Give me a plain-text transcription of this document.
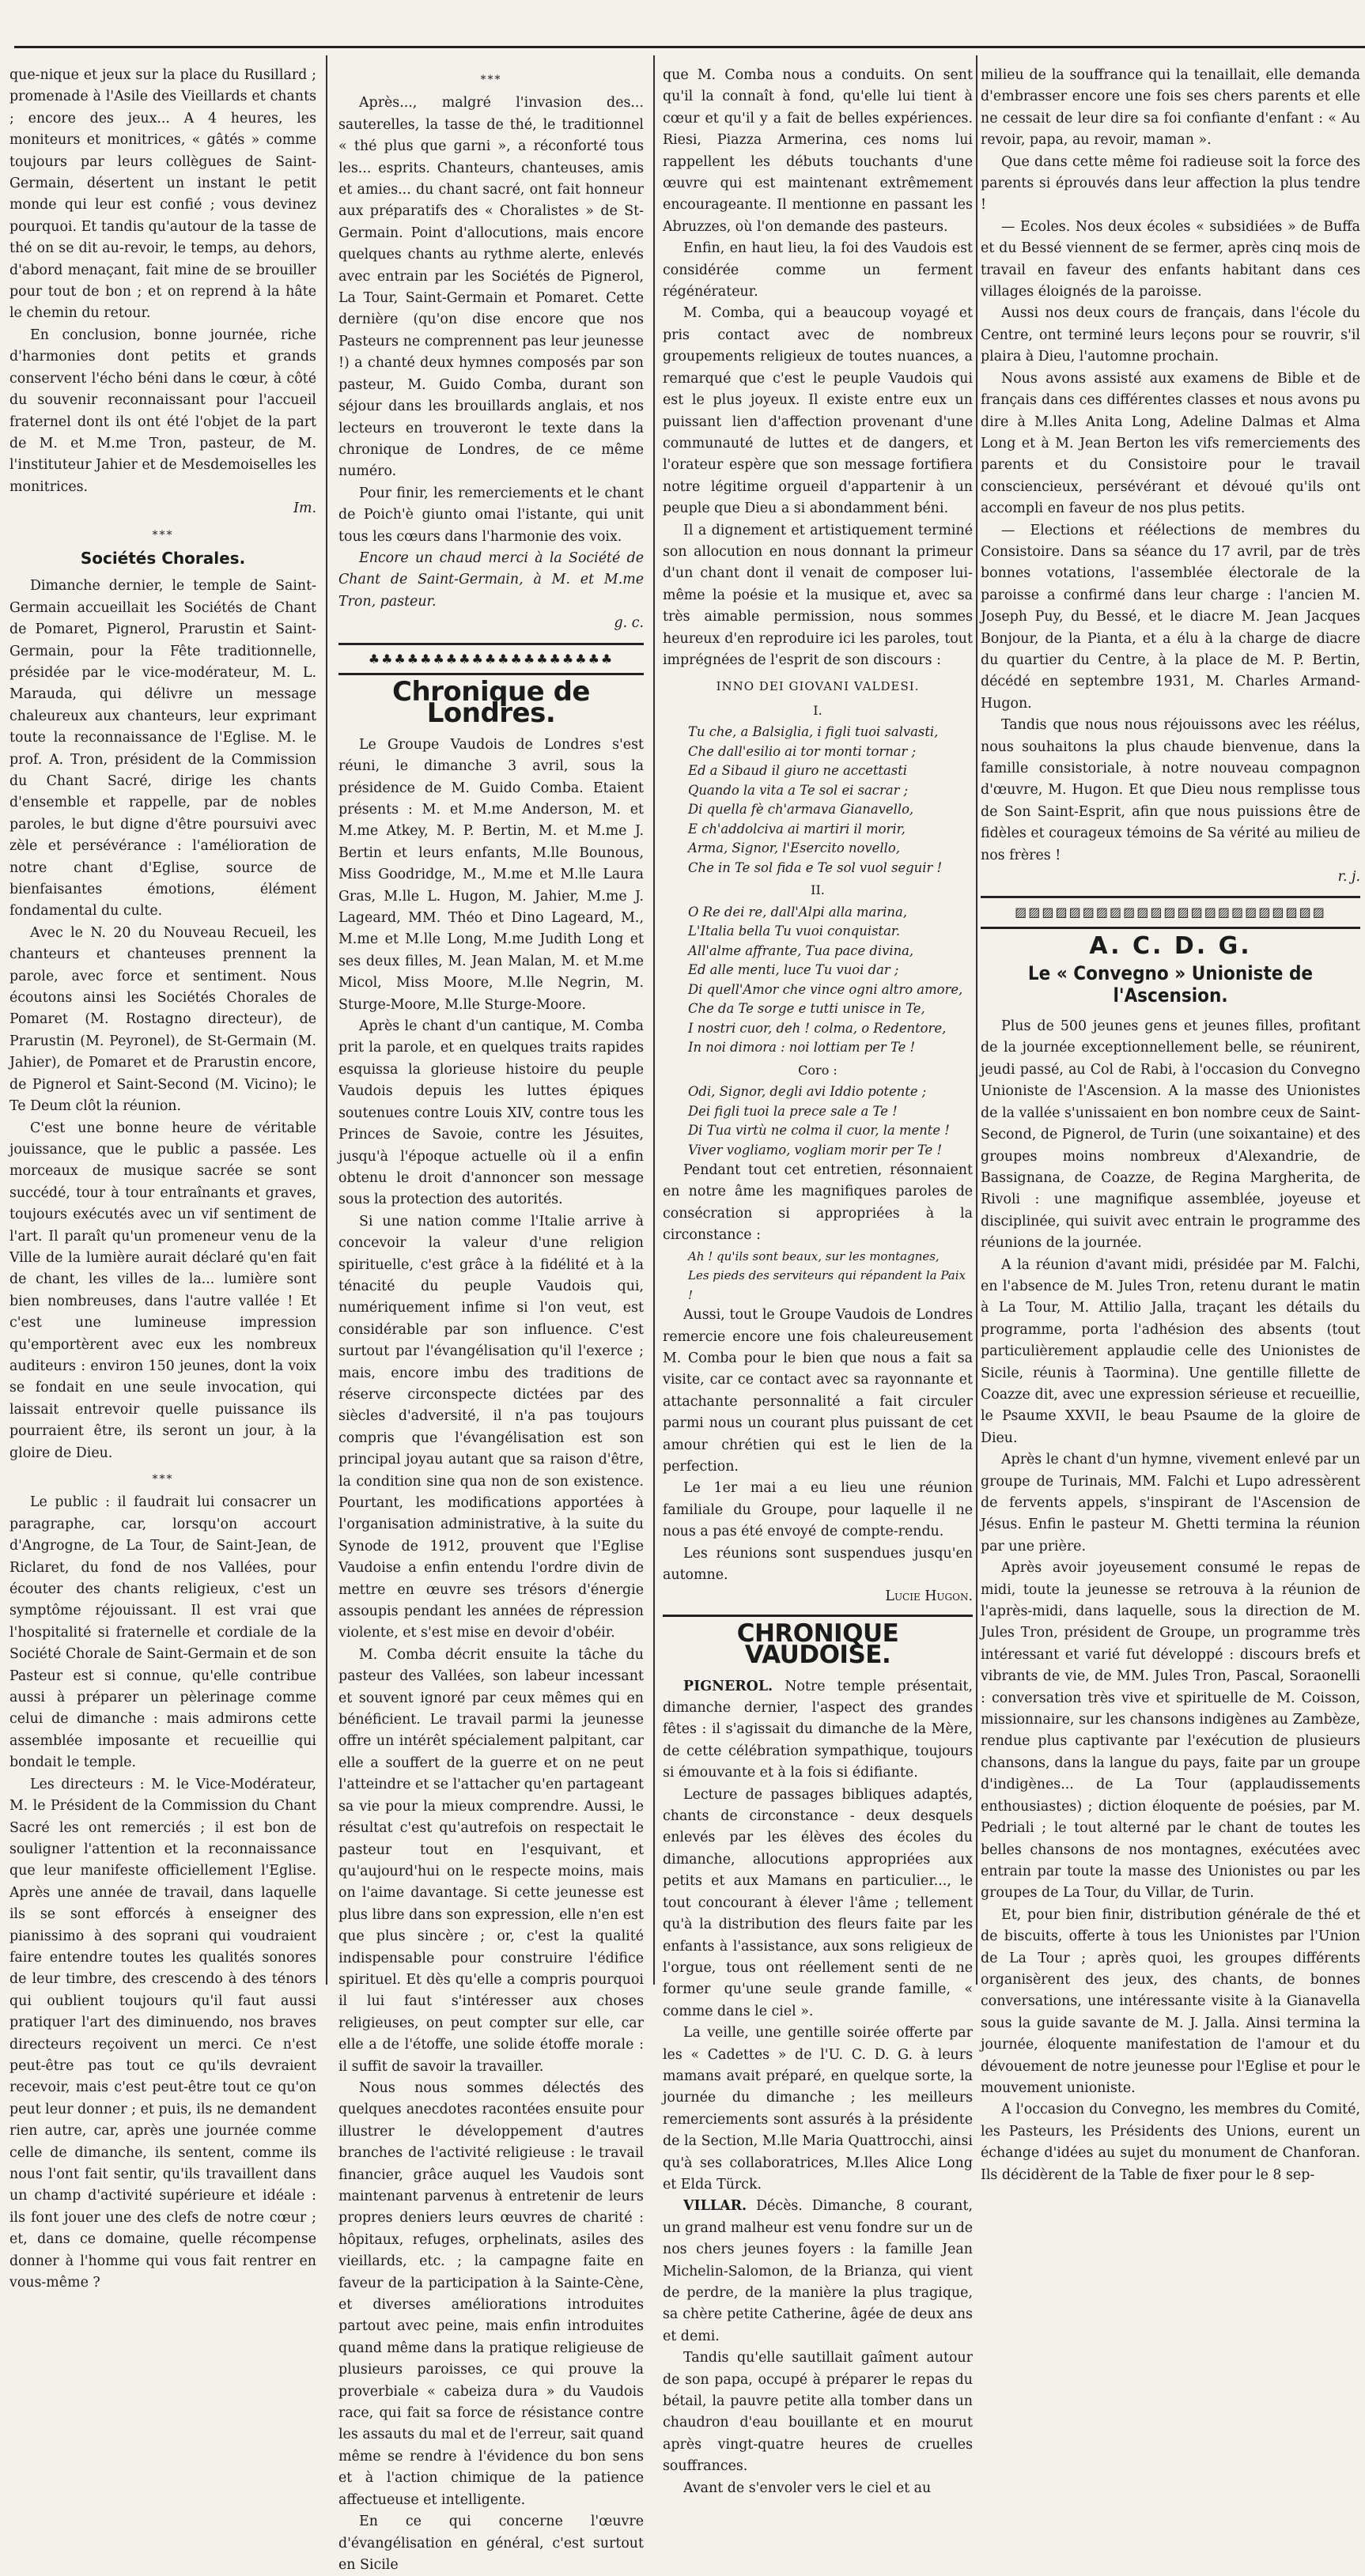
que-nique et jeux sur la place du Rusillard ; promenade à l'Asile des Vieillards et chants ; encore des jeux... A 4 heures, les moniteurs et monitrices, « gâtés » comme toujours par leurs collègues de Saint-Germain, désertent un instant le petit monde qui leur est confié ; vous devinez pourquoi. Et tandis qu'autour de la tasse de thé on se dit au-revoir, le temps, au dehors, d'abord menaçant, fait mine de se brouiller pour tout de bon ; et on reprend à la hâte le chemin du retour.

En conclusion, bonne journée, riche d'harmonies dont petits et grands conservent l'écho béni dans le cœur, à côté du souvenir reconnaissant pour l'accueil fraternel dont ils ont été l'objet de la part de M. et M.me Tron, pasteur, de M. l'instituteur Jahier et de Mesdemoiselles les monitrices.

Im.
***
Sociétés Chorales.

Dimanche dernier, le temple de Saint-Germain accueillait les Sociétés de Chant de Pomaret, Pignerol, Prarustin et Saint-Germain, pour la Fête traditionnelle, présidée par le vice-modérateur, M. L. Marauda, qui délivre un message chaleureux aux chanteurs, leur exprimant toute la reconnaissance de l'Eglise. M. le prof. A. Tron, président de la Commission du Chant Sacré, dirige les chants d'ensemble et rappelle, par de nobles paroles, le but digne d'être poursuivi avec zèle et persévérance : l'amélioration de notre chant d'Eglise, source de bienfaisantes émotions, élément fondamental du culte.

Avec le N. 20 du Nouveau Recueil, les chanteurs et chanteuses prennent la parole, avec force et sentiment. Nous écoutons ainsi les Sociétés Chorales de Pomaret (M. Rostagno directeur), de Prarustin (M. Peyronel), de St-Germain (M. Jahier), de Pomaret et de Prarustin encore, de Pignerol et Saint-Second (M. Vicino); le Te Deum clôt la réunion.

C'est une bonne heure de véritable jouissance, que le public a passée. Les morceaux de musique sacrée se sont succédé, tour à tour entraînants et graves, toujours exécutés avec un vif sentiment de l'art. Il paraît qu'un promeneur venu de la Ville de la lumière aurait déclaré qu'en fait de chant, les villes de la... lumière sont bien nombreuses, dans l'autre vallée ! Et c'est une lumineuse impression qu'emportèrent avec eux les nombreux auditeurs : environ 150 jeunes, dont la voix se fondait en une seule invocation, qui laissait entrevoir quelle puissance ils pourraient être, ils seront un jour, à la gloire de Dieu.

***

Le public : il faudrait lui consacrer un paragraphe, car, lorsqu'on accourt d'Angrogne, de La Tour, de Saint-Jean, de Riclaret, du fond de nos Vallées, pour écouter des chants religieux, c'est un symptôme réjouissant. Il est vrai que l'hospitalité si fraternelle et cordiale de la Société Chorale de Saint-Germain et de son Pasteur est si connue, qu'elle contribue aussi à préparer un pèlerinage comme celui de dimanche : mais admirons cette assemblée imposante et recueillie qui bondait le temple.

Les directeurs : M. le Vice-Modérateur, M. le Président de la Commission du Chant Sacré les ont remerciés ; il est bon de souligner l'attention et la reconnaissance que leur manifeste officiellement l'Eglise. Après une année de travail, dans laquelle ils se sont efforcés à enseigner des pianissimo à des soprani qui voudraient faire entendre toutes les qualités sonores de leur timbre, des crescendo à des ténors qui oublient toujours qu'il faut aussi pratiquer l'art des diminuendo, nos braves directeurs reçoivent un merci. Ce n'est peut-être pas tout ce qu'ils devraient recevoir, mais c'est peut-être tout ce qu'on peut leur donner ; et puis, ils ne demandent rien autre, car, après une journée comme celle de dimanche, ils sentent, comme ils nous l'ont fait sentir, qu'ils travaillent dans un champ d'activité supérieure et idéale : ils font jouer une des clefs de notre cœur ; et, dans ce domaine, quelle récompense donner à l'homme qui vous fait rentrer en vous-même ?

***

Après..., malgré l'invasion des... sauterelles, la tasse de thé, le traditionnel « thé plus que garni », a réconforté tous les... esprits. Chanteurs, chanteuses, amis et amies... du chant sacré, ont fait honneur aux préparatifs des « Choralistes » de St-Germain. Point d'allocutions, mais encore quelques chants au rythme alerte, enlevés avec entrain par les Sociétés de Pignerol, La Tour, Saint-Germain et Pomaret. Cette dernière (qu'on dise encore que nos Pasteurs ne comprennent pas leur jeunesse !) a chanté deux hymnes composés par son pasteur, M. Guido Comba, durant son séjour dans les brouillards anglais, et nos lecteurs en trouveront le texte dans la chronique de Londres, de ce même numéro.

Pour finir, les remerciements et le chant de Poich'è giunto omai l'istante, qui unit tous les cœurs dans l'harmonie des voix.

Encore un chaud merci à la Société de Chant de Saint-Germain, à M. et M.me Tron, pasteur.

g. c.
♣♣♣♣♣♣♣♣♣♣♣♣♣♣♣♣♣♣♣
Chronique de Londres.

Le Groupe Vaudois de Londres s'est réuni, le dimanche 3 avril, sous la présidence de M. Guido Comba. Etaient présents : M. et M.me Anderson, M. et M.me Atkey, M. P. Bertin, M. et M.me J. Bertin et leurs enfants, M.lle Bounous, Miss Goodridge, M., M.me et M.lle Laura Gras, M.lle L. Hugon, M. Jahier, M.me J. Lageard, MM. Théo et Dino Lageard, M., M.me et M.lle Long, M.me Judith Long et ses deux filles, M. Jean Malan, M. et M.me Micol, Miss Moore, M.lle Negrin, M. Sturge-Moore, M.lle Sturge-Moore.

Après le chant d'un cantique, M. Comba prit la parole, et en quelques traits rapides esquissa la glorieuse histoire du peuple Vaudois depuis les luttes épiques soutenues contre Louis XIV, contre tous les Princes de Savoie, contre les Jésuites, jusqu'à l'époque actuelle où il a enfin obtenu le droit d'annoncer son message sous la protection des autorités.

Si une nation comme l'Italie arrive à concevoir la valeur d'une religion spirituelle, c'est grâce à la fidélité et à la ténacité du peuple Vaudois qui, numériquement infime si l'on veut, est considérable par son influence. C'est surtout par l'évangélisation qu'il l'exerce ; mais, encore imbu des traditions de réserve circonspecte dictées par des siècles d'adversité, il n'a pas toujours compris que l'évangélisation est son principal joyau autant que sa raison d'être, la condition sine qua non de son existence. Pourtant, les modifications apportées à l'organisation administrative, à la suite du Synode de 1912, prouvent que l'Eglise Vaudoise a enfin entendu l'ordre divin de mettre en œuvre ses trésors d'énergie assoupis pendant les années de répression violente, et s'est mise en devoir d'obéir.

M. Comba décrit ensuite la tâche du pasteur des Vallées, son labeur incessant et souvent ignoré par ceux mêmes qui en bénéficient. Le travail parmi la jeunesse offre un intérêt spécialement palpitant, car elle a souffert de la guerre et on ne peut l'atteindre et se l'attacher qu'en partageant sa vie pour la mieux comprendre. Aussi, le résultat c'est qu'autrefois on respectait le pasteur tout en l'esquivant, et qu'aujourd'hui on le respecte moins, mais on l'aime davantage. Si cette jeunesse est plus libre dans son expression, elle n'en est que plus sincère ; or, c'est la qualité indispensable pour construire l'édifice spirituel. Et dès qu'elle a compris pourquoi il lui faut s'intéresser aux choses religieuses, on peut compter sur elle, car elle a de l'étoffe, une solide étoffe morale : il suffit de savoir la travailler.

Nous nous sommes délectés des quelques anecdotes racontées ensuite pour illustrer le développement d'autres branches de l'activité religieuse : le travail financier, grâce auquel les Vaudois sont maintenant parvenus à entretenir de leurs propres deniers leurs œuvres de charité : hôpitaux, refuges, orphelinats, asiles des vieillards, etc. ; la campagne faite en faveur de la participation à la Sainte-Cène, et diverses améliorations introduites partout avec peine, mais enfin introduites quand même dans la pratique religieuse de plusieurs paroisses, ce qui prouve la proverbiale « cabeiza dura » du Vaudois race, qui fait sa force de résistance contre les assauts du mal et de l'erreur, sait quand même se rendre à l'évidence du bon sens et à l'action chimique de la patience affectueuse et intelligente.

En ce qui concerne l'œuvre d'évangélisation en général, c'est surtout en Sicile

que M. Comba nous a conduits. On sent qu'il la connaît à fond, qu'elle lui tient à cœur et qu'il y a fait de belles expériences. Riesi, Piazza Armerina, ces noms lui rappellent les débuts touchants d'une œuvre qui est maintenant extrêmement encourageante. Il mentionne en passant les Abruzzes, où l'on demande des pasteurs.

Enfin, en haut lieu, la foi des Vaudois est considérée comme un ferment régénérateur.

M. Comba, qui a beaucoup voyagé et pris contact avec de nombreux groupements religieux de toutes nuances, a remarqué que c'est le peuple Vaudois qui est le plus joyeux. Il existe entre eux un puissant lien d'affection provenant d'une communauté de luttes et de dangers, et l'orateur espère que son message fortifiera notre légitime orgueil d'appartenir à un peuple que Dieu a si abondamment béni.

Il a dignement et artistiquement terminé son allocution en nous donnant la primeur d'un chant dont il venait de composer lui-même la poésie et la musique et, avec sa très aimable permission, nous sommes heureux d'en reproduire ici les paroles, tout imprégnées de l'esprit de son discours :

INNO DEI GIOVANI VALDESI.
I.
Tu che, a Balsiglia, i figli tuoi salvasti,
Che dall'esilio ai tor monti tornar ;
Ed a Sibaud il giuro ne accettasti
Quando la vita a Te sol ei sacrar ;
Di quella fè ch'armava Gianavello,
E ch'addolciva ai martiri il morir,
Arma, Signor, l'Esercito novello,
Che in Te sol fida e Te sol vuol seguir !
II.
O Re dei re, dall'Alpi alla marina,
L'Italia bella Tu vuoi conquistar.
All'alme affrante, Tua pace divina,
Ed alle menti, luce Tu vuoi dar ;
Di quell'Amor che vince ogni altro amore,
Che da Te sorge e tutti unisce in Te,
I nostri cuor, deh ! colma, o Redentore,
In noi dimora : noi lottiam per Te !
Coro :
Odi, Signor, degli avi Iddio potente ;
Dei figli tuoi la prece sale a Te !
Di Tua virtù ne colma il cuor, la mente !
Viver vogliamo, vogliam morir per Te !

Pendant tout cet entretien, résonnaient en notre âme les magnifiques paroles de consécration si appropriées à la circonstance :

Ah ! qu'ils sont beaux, sur les montagnes,
Les pieds des serviteurs qui répandent la Paix !

Aussi, tout le Groupe Vaudois de Londres remercie encore une fois chaleureusement M. Comba pour le bien que nous a fait sa visite, car ce contact avec sa rayonnante et attachante personnalité a fait circuler parmi nous un courant plus puissant de cet amour chrétien qui est le lien de la perfection.

Le 1er mai a eu lieu une réunion familiale du Groupe, pour laquelle il ne nous a pas été envoyé de compte-rendu.

Les réunions sont suspendues jusqu'en automne.

Lucie Hugon.
CHRONIQUE VAUDOISE.

PIGNEROL. Notre temple présentait, dimanche dernier, l'aspect des grandes fêtes : il s'agissait du dimanche de la Mère, de cette célébration sympathique, toujours si émouvante et à la fois si édifiante.

Lecture de passages bibliques adaptés, chants de circonstance - deux desquels enlevés par les élèves des écoles du dimanche, allocutions appropriées aux petits et aux Mamans en particulier..., le tout concourant à élever l'âme ; tellement qu'à la distribution des fleurs faite par les enfants à l'assistance, aux sons religieux de l'orgue, tous ont réellement senti de ne former qu'une seule grande famille, « comme dans le ciel ».

La veille, une gentille soirée offerte par les « Cadettes » de l'U. C. D. G. à leurs mamans avait préparé, en quelque sorte, la journée du dimanche ; les meilleurs remerciements sont assurés à la présidente de la Section, M.lle Maria Quattrocchi, ainsi qu'à ses collaboratrices, M.lles Alice Long et Elda Türck.

VILLAR. Décès. Dimanche, 8 courant, un grand malheur est venu fondre sur un de nos chers jeunes foyers : la famille Jean Michelin-Salomon, de la Brianza, qui vient de perdre, de la manière la plus tragique, sa chère petite Catherine, âgée de deux ans et demi.

Tandis qu'elle sautillait gaîment autour de son papa, occupé à préparer le repas du bétail, la pauvre petite alla tomber dans un chaudron d'eau bouillante et en mourut après vingt-quatre heures de cruelles souffrances.

Avant de s'envoler vers le ciel et au

milieu de la souffrance qui la tenaillait, elle demanda d'embrasser encore une fois ses chers parents et elle ne cessait de leur dire sa foi confiante d'enfant : « Au revoir, papa, au revoir, maman ».

Que dans cette même foi radieuse soit la force des parents si éprouvés dans leur affection la plus tendre !

— Ecoles. Nos deux écoles « subsidiées » de Buffa et du Bessé viennent de se fermer, après cinq mois de travail en faveur des enfants habitant dans ces villages éloignés de la paroisse.

Aussi nos deux cours de français, dans l'école du Centre, ont terminé leurs leçons pour se rouvrir, s'il plaira à Dieu, l'automne prochain.

Nous avons assisté aux examens de Bible et de français dans ces différentes classes et nous avons pu dire à M.lles Anita Long, Adeline Dalmas et Alma Long et à M. Jean Berton les vifs remerciements des parents et du Consistoire pour le travail consciencieux, persévérant et dévoué qu'ils ont accompli en faveur de nos plus petits.

— Elections et réélections de membres du Consistoire. Dans sa séance du 17 avril, par de très bonnes votations, l'assemblée électorale de la paroisse a confirmé dans leur charge : l'ancien M. Joseph Puy, du Bessé, et le diacre M. Jean Jacques Bonjour, de la Pianta, et a élu à la charge de diacre du quartier du Centre, à la place de M. P. Bertin, décédé en septembre 1931, M. Charles Armand-Hugon.

Tandis que nous nous réjouissons avec les réélus, nous souhaitons la plus chaude bienvenue, dans la famille consistoriale, à notre nouveau compagnon d'œuvre, M. Hugon. Et que Dieu nous remplisse tous de Son Saint-Esprit, afin que nous puissions être de fidèles et courageux témoins de Sa vérité au milieu de nos frères !

r. j.
▨▨▨▨▨▨▨▨▨▨▨▨▨▨▨▨▨▨▨▨▨▨▨
A. C. D. G.
Le « Convegno » Unioniste de l'Ascension.

Plus de 500 jeunes gens et jeunes filles, profitant de la journée exceptionnellement belle, se réunirent, jeudi passé, au Col de Rabi, à l'occasion du Convegno Unioniste de l'Ascension. A la masse des Unionistes de la vallée s'unissaient en bon nombre ceux de Saint-Second, de Pignerol, de Turin (une soixantaine) et des groupes moins nombreux d'Alexandrie, de Bassignana, de Coazze, de Regina Margherita, de Rivoli : une magnifique assemblée, joyeuse et disciplinée, qui suivit avec entrain le programme des réunions de la journée.

A la réunion d'avant midi, présidée par M. Falchi, en l'absence de M. Jules Tron, retenu durant le matin à La Tour, M. Attilio Jalla, traçant les détails du programme, porta l'adhésion des absents (tout particulièrement applaudie celle des Unionistes de Sicile, réunis à Taormina). Une gentille fillette de Coazze dit, avec une expression sérieuse et recueillie, le Psaume XXVII, le beau Psaume de la gloire de Dieu.

Après le chant d'un hymne, vivement enlevé par un groupe de Turinais, MM. Falchi et Lupo adressèrent de fervents appels, s'inspirant de l'Ascension de Jésus. Enfin le pasteur M. Ghetti termina la réunion par une prière.

Après avoir joyeusement consumé le repas de midi, toute la jeunesse se retrouva à la réunion de l'après-midi, dans laquelle, sous la direction de M. Jules Tron, président de Groupe, un programme très intéressant et varié fut développé : discours brefs et vibrants de vie, de MM. Jules Tron, Pascal, Soraonelli : conversation très vive et spirituelle de M. Coisson, missionnaire, sur les chansons indigènes au Zambèze, rendue plus captivante par l'exécution de plusieurs chansons, dans la langue du pays, faite par un groupe d'indigènes... de La Tour (applaudissements enthousiastes) ; diction éloquente de poésies, par M. Pedriali ; le tout alterné par le chant de toutes les belles chansons de nos montagnes, exécutées avec entrain par toute la masse des Unionistes ou par les groupes de La Tour, du Villar, de Turin.

Et, pour bien finir, distribution générale de thé et de biscuits, offerte à tous les Unionistes par l'Union de La Tour ; après quoi, les groupes différents organisèrent des jeux, des chants, de bonnes conversations, une intéressante visite à la Gianavella sous la guide savante de M. J. Jalla. Ainsi termina la journée, éloquente manifestation de l'amour et du dévouement de notre jeunesse pour l'Eglise et pour le mouvement unioniste.

A l'occasion du Convegno, les membres du Comité, les Pasteurs, les Présidents des Unions, eurent un échange d'idées au sujet du monument de Chanforan. Ils décidèrent de la Table de fixer pour le 8 sep-
